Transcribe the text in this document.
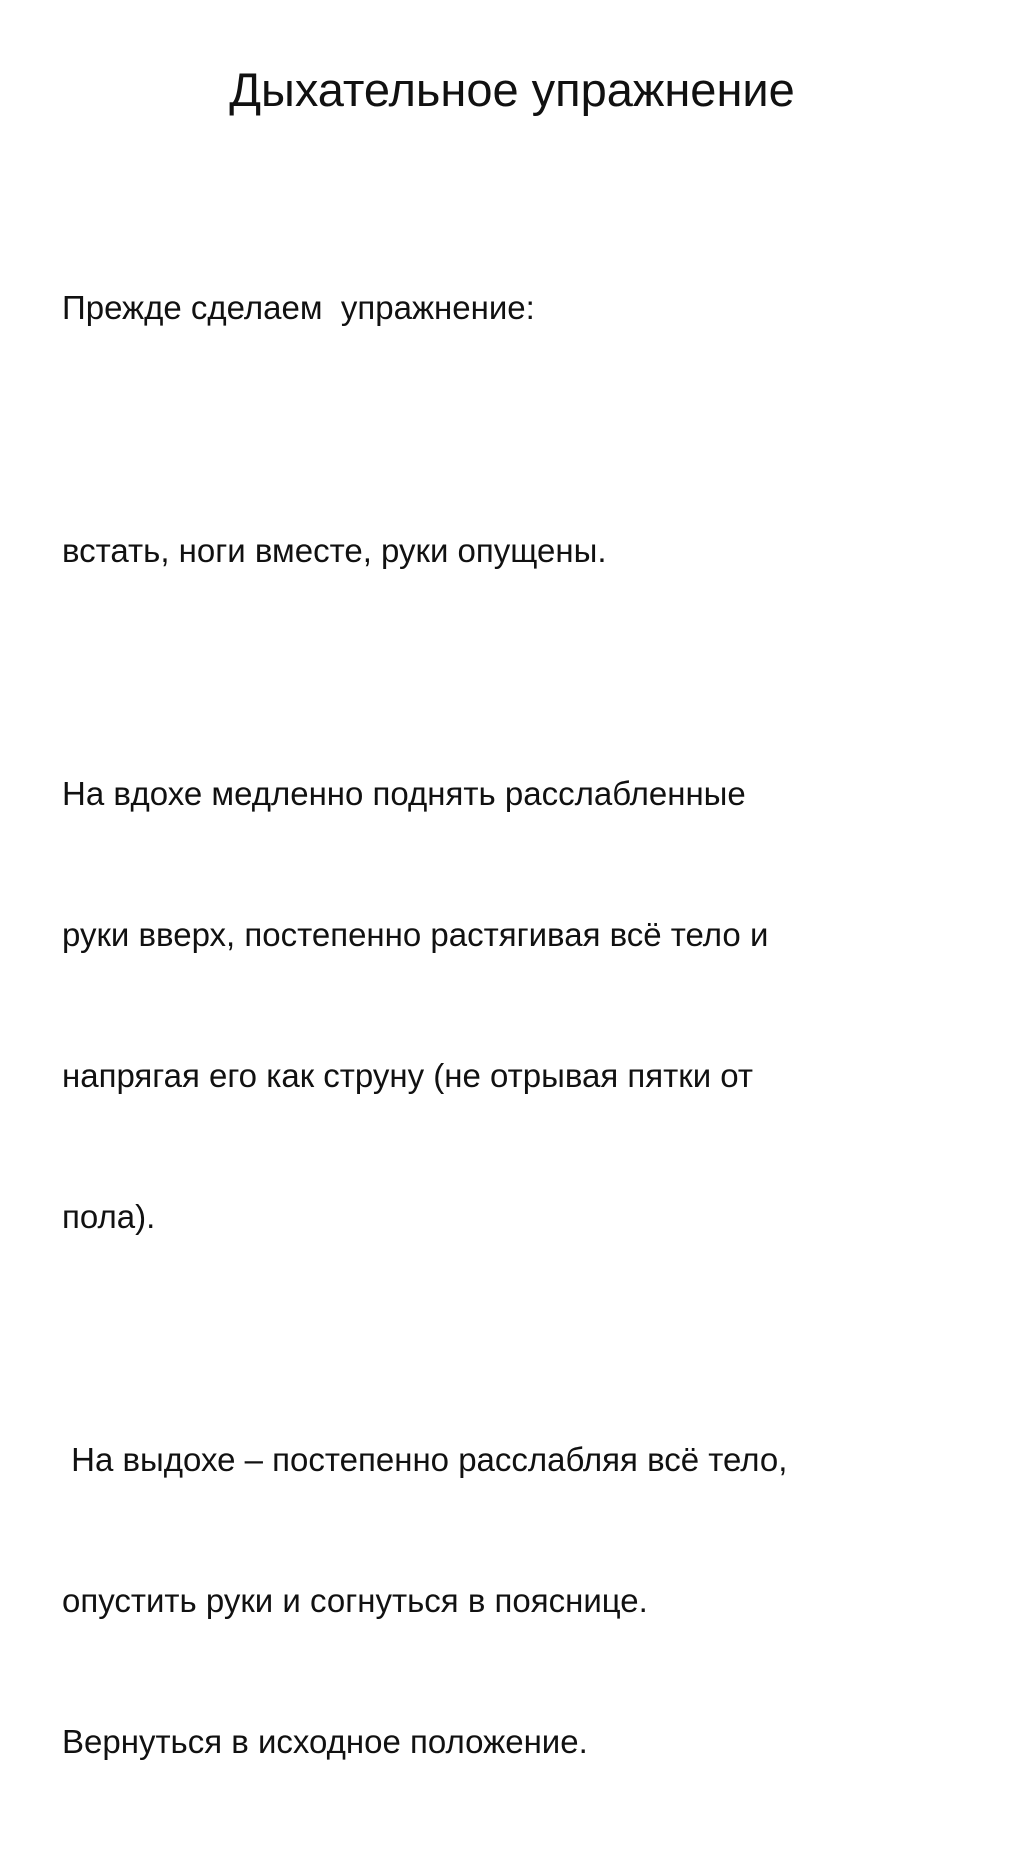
Дыхательное упражнение

Прежде сделаем  упражнение:

встать, ноги вместе, руки опущены.

На вдохе медленно поднять расслабленные

руки вверх, постепенно растягивая всё тело и

напрягая его как струну (не отрывая пятки от

пола).

На выдохе – постепенно расслабляя всё тело,

опустить руки и согнуться в пояснице.

Вернуться в исходное положение.
